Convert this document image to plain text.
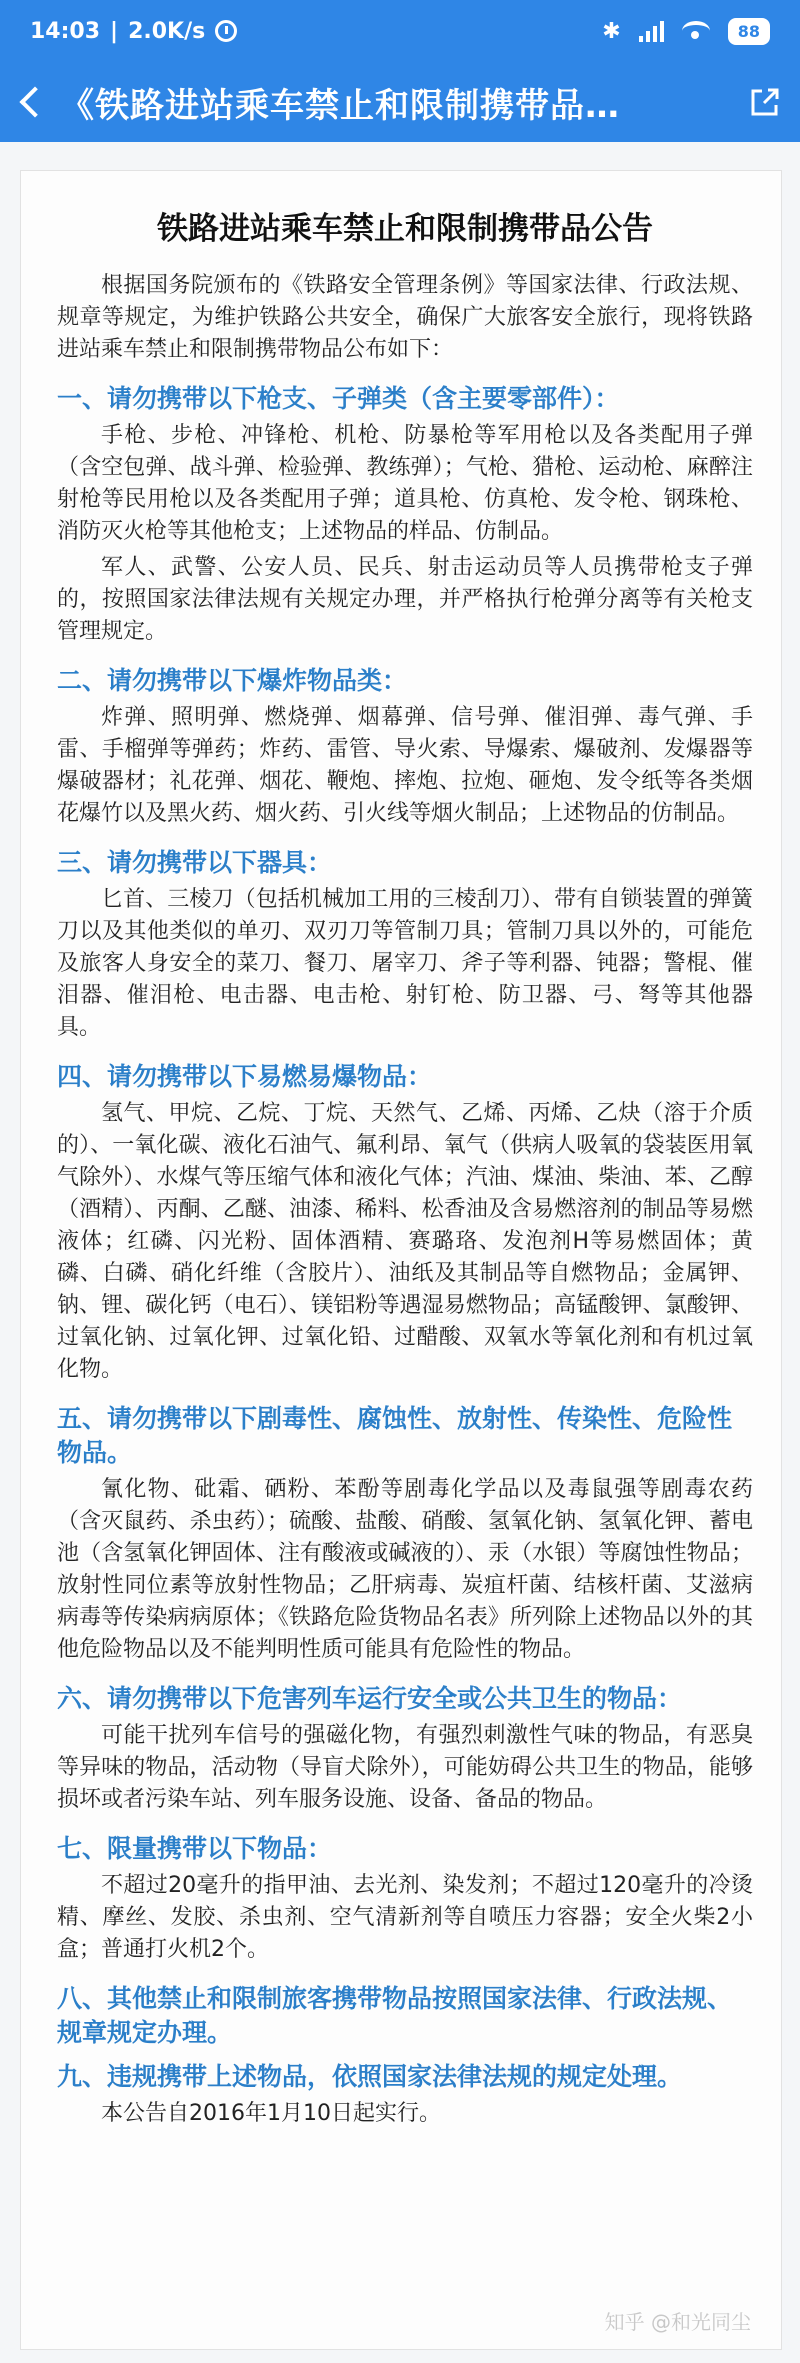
14:03 | 2.0K/s	✱	88
《铁路进站乘车禁止和限制携带品…
铁路进站乘车禁止和限制携带品公告
根据国务院颁布的《铁路安全管理条例》等国家法律、行政法规、规章等规定，为维护铁路公共安全，确保广大旅客安全旅行，现将铁路进站乘车禁止和限制携带物品公布如下：
一、请勿携带以下枪支、子弹类（含主要零部件）：
手枪、步枪、冲锋枪、机枪、防暴枪等军用枪以及各类配用子弹（含空包弹、战斗弹、检验弹、教练弹）；气枪、猎枪、运动枪、麻醉注射枪等民用枪以及各类配用子弹；道具枪、仿真枪、发令枪、钢珠枪、消防灭火枪等其他枪支；上述物品的样品、仿制品。
军人、武警、公安人员、民兵、射击运动员等人员携带枪支子弹的，按照国家法律法规有关规定办理，并严格执行枪弹分离等有关枪支管理规定。
二、请勿携带以下爆炸物品类：
炸弹、照明弹、燃烧弹、烟幕弹、信号弹、催泪弹、毒气弹、手雷、手榴弹等弹药；炸药、雷管、导火索、导爆索、爆破剂、发爆器等爆破器材；礼花弹、烟花、鞭炮、摔炮、拉炮、砸炮、发令纸等各类烟花爆竹以及黑火药、烟火药、引火线等烟火制品；上述物品的仿制品。
三、请勿携带以下器具：
匕首、三棱刀（包括机械加工用的三棱刮刀）、带有自锁装置的弹簧刀以及其他类似的单刃、双刃刀等管制刀具；管制刀具以外的，可能危及旅客人身安全的菜刀、餐刀、屠宰刀、斧子等利器、钝器；警棍、催泪器、催泪枪、电击器、电击枪、射钉枪、防卫器、弓、弩等其他器具。
四、请勿携带以下易燃易爆物品：
氢气、甲烷、乙烷、丁烷、天然气、乙烯、丙烯、乙炔（溶于介质的）、一氧化碳、液化石油气、氟利昂、氧气（供病人吸氧的袋装医用氧气除外）、水煤气等压缩气体和液化气体；汽油、煤油、柴油、苯、乙醇（酒精）、丙酮、乙醚、油漆、稀料、松香油及含易燃溶剂的制品等易燃液体；红磷、闪光粉、固体酒精、赛璐珞、发泡剂H等易燃固体；黄磷、白磷、硝化纤维（含胶片）、油纸及其制品等自燃物品；金属钾、钠、锂、碳化钙（电石）、镁铝粉等遇湿易燃物品；高锰酸钾、氯酸钾、过氧化钠、过氧化钾、过氧化铅、过醋酸、双氧水等氧化剂和有机过氧化物。
五、请勿携带以下剧毒性、腐蚀性、放射性、传染性、危险性物品。
氰化物、砒霜、硒粉、苯酚等剧毒化学品以及毒鼠强等剧毒农药（含灭鼠药、杀虫药）；硫酸、盐酸、硝酸、氢氧化钠、氢氧化钾、蓄电池（含氢氧化钾固体、注有酸液或碱液的）、汞（水银）等腐蚀性物品；放射性同位素等放射性物品；乙肝病毒、炭疽杆菌、结核杆菌、艾滋病病毒等传染病病原体；《铁路危险货物品名表》所列除上述物品以外的其他危险物品以及不能判明性质可能具有危险性的物品。
六、请勿携带以下危害列车运行安全或公共卫生的物品：
可能干扰列车信号的强磁化物，有强烈刺激性气味的物品，有恶臭等异味的物品，活动物（导盲犬除外），可能妨碍公共卫生的物品，能够损坏或者污染车站、列车服务设施、设备、备品的物品。
七、限量携带以下物品：
不超过20毫升的指甲油、去光剂、染发剂；不超过120毫升的冷烫精、摩丝、发胶、杀虫剂、空气清新剂等自喷压力容器；安全火柴2小盒；普通打火机2个。
八、其他禁止和限制旅客携带物品按照国家法律、行政法规、规章规定办理。
九、违规携带上述物品，依照国家法律法规的规定处理。
本公告自2016年1月10日起实行。
知乎 @和光同尘
